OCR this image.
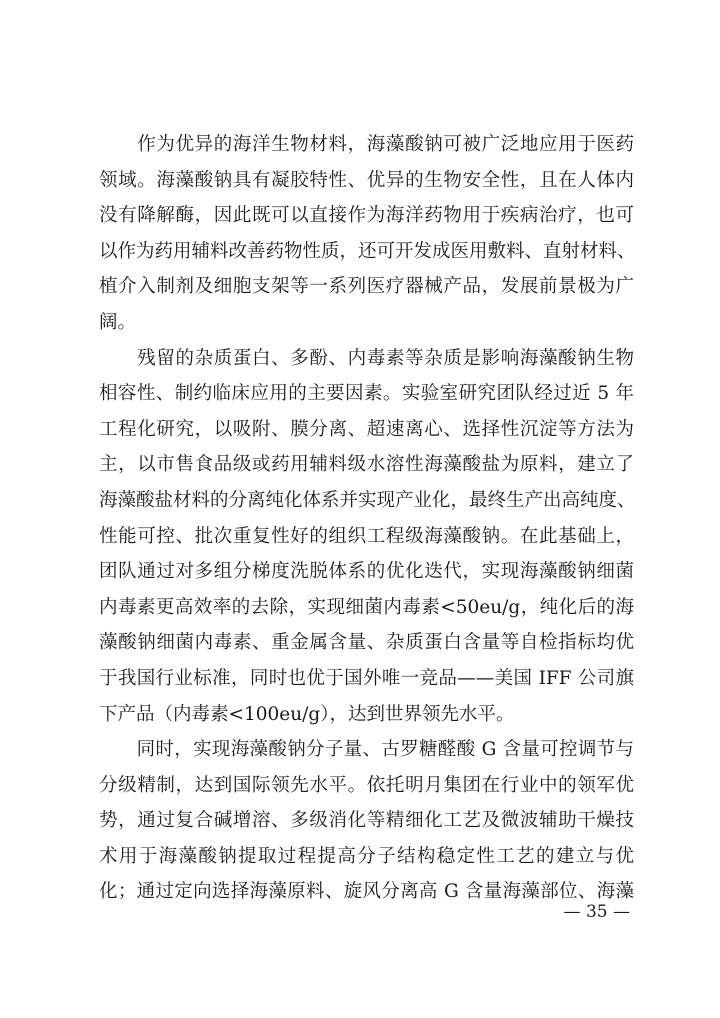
　　作为优异的海洋生物材料，海藻酸钠可被广泛地应用于医药
领域。海藻酸钠具有凝胶特性、优异的生物安全性，且在人体内
没有降解酶，因此既可以直接作为海洋药物用于疾病治疗，也可
以作为药用辅料改善药物性质，还可开发成医用敷料、直射材料、
植介入制剂及细胞支架等一系列医疗器械产品，发展前景极为广
阔。
　　残留的杂质蛋白、多酚、内毒素等杂质是影响海藻酸钠生物
相容性、制约临床应用的主要因素。实验室研究团队经过近 5 年
工程化研究，以吸附、膜分离、超速离心、选择性沉淀等方法为
主，以市售食品级或药用辅料级水溶性海藻酸盐为原料，建立了
海藻酸盐材料的分离纯化体系并实现产业化，最终生产出高纯度、
性能可控、批次重复性好的组织工程级海藻酸钠。在此基础上，
团队通过对多组分梯度洗脱体系的优化迭代，实现海藻酸钠细菌
内毒素更高效率的去除，实现细菌内毒素<50eu/g，纯化后的海
藻酸钠细菌内毒素、重金属含量、杂质蛋白含量等自检指标均优
于我国行业标准，同时也优于国外唯一竞品——美国 IFF 公司旗
下产品（内毒素<100eu/g），达到世界领先水平。
　　同时，实现海藻酸钠分子量、古罗糖醛酸 G 含量可控调节与
分级精制，达到国际领先水平。依托明月集团在行业中的领军优
势，通过复合碱增溶、多级消化等精细化工艺及微波辅助干燥技
术用于海藻酸钠提取过程提高分子结构稳定性工艺的建立与优
化；通过定向选择海藻原料、旋风分离高 G 含量海藻部位、海藻
— 35 —
